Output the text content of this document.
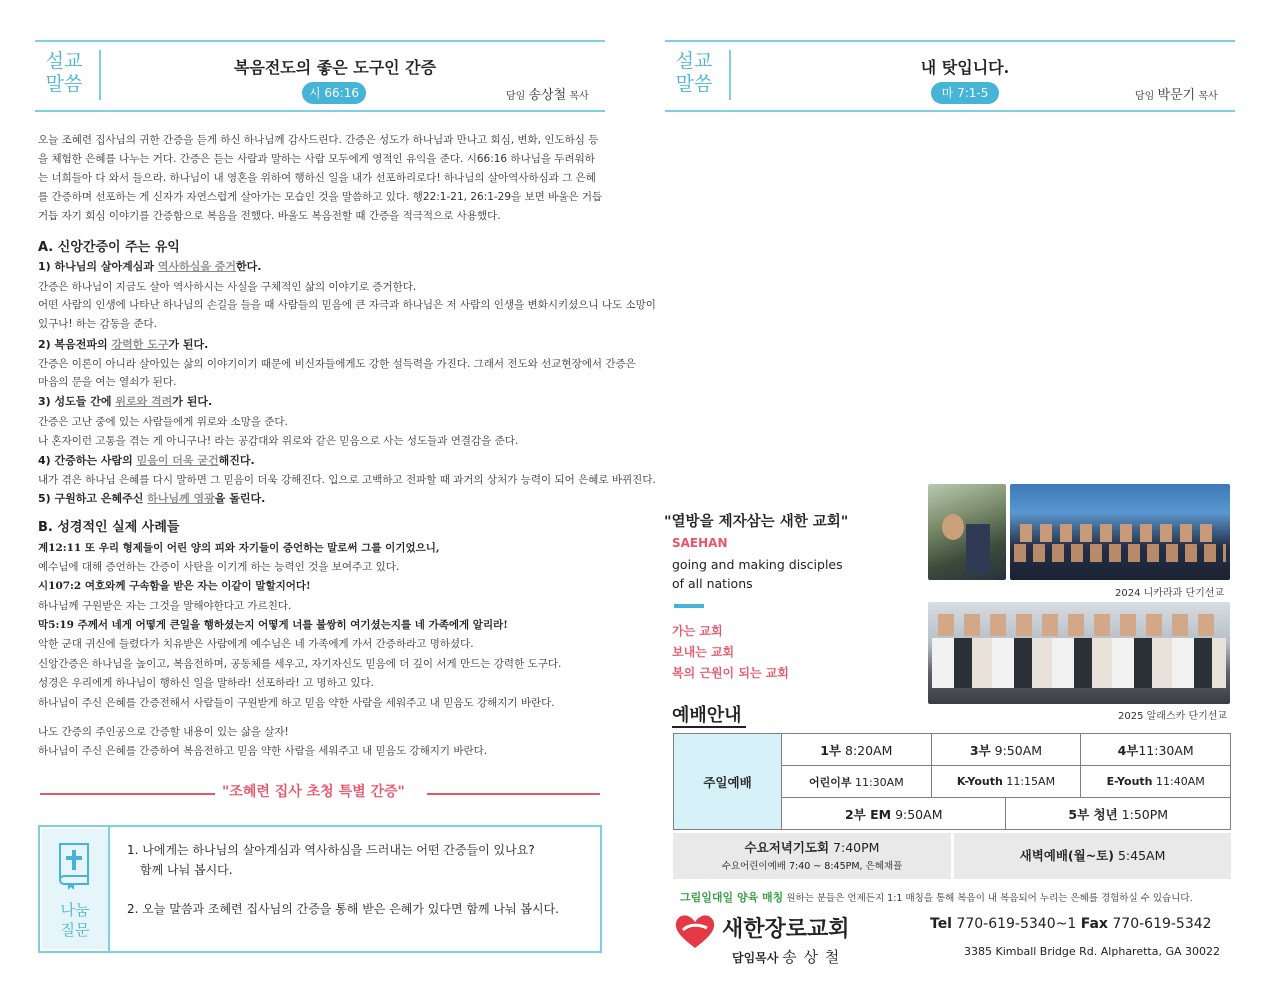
설교
말씀
복음전도의 좋은 도구인 간증
시 66:16	담임 송상철 목사
오늘 조혜련 집사님의 귀한 간증을 듣게 하신 하나님께 감사드린다. 간증은 성도가 하나님과 만나고 회심, 변화, 인도하심 등을 체험한 은혜를 나누는 거다. 간증은 듣는 사람과 말하는 사람 모두에게 영적인 유익을 준다. 시66:16 하나님을 두려워하는 너희들아 다 와서 들으라. 하나님이 내 영혼을 위하여 행하신 일을 내가 선포하리로다! 하나님의 살아역사하심과 그 은혜를 간증하며 선포하는 게 신자가 자연스럽게 살아가는 모습인 것을 말씀하고 있다. 행22:1-21, 26:1-29을 보면 바울은 거듭거듭 자기 회심 이야기를 간증함으로 복음을 전했다. 바울도 복음전할 때 간증을 적극적으로 사용했다.
A. 신앙간증이 주는 유익
1) 하나님의 살아계심과 역사하심을 증거한다.
간증은 하나님이 지금도 살아 역사하시는 사실을 구체적인 삶의 이야기로 증거한다.
어떤 사람의 인생에 나타난 하나님의 손길을 들을 때 사람들의 믿음에 큰 자극과 하나님은 저 사람의 인생을 변화시키셨으니 나도 소망이
있구나! 하는 감동을 준다.
2) 복음전파의 강력한 도구가 된다.
간증은 이론이 아니라 살아있는 삶의 이야기이기 때문에 비신자들에게도 강한 설득력을 가진다. 그래서 전도와 선교현장에서 간증은
마음의 문을 여는 열쇠가 된다.
3) 성도들 간에 위로와 격려가 된다.
간증은 고난 중에 있는 사람들에게 위로와 소망을 준다.
나 혼자이런 고통을 겪는 게 아니구나! 라는 공감대와 위로와 같은 믿음으로 사는 성도들과 연결감을 준다.
4) 간증하는 사람의 믿음이 더욱 굳건해진다.
내가 겪은 하나님 은혜를 다시 말하면 그 믿음이 더욱 강해진다. 입으로 고백하고 전파할 때 과거의 상처가 능력이 되어 은혜로 바뀌진다.
5) 구원하고 은혜주신 하나님께 영광을 돌린다.
B. 성경적인 실제 사례들
계12:11 또 우리 형제들이 어린 양의 피와 자기들이 증언하는 말로써 그를 이기었으니,
예수님에 대해 증언하는 간증이 사탄을 이기게 하는 능력인 것을 보여주고 있다.
시107:2 여호와께 구속함을 받은 자는 이같이 말할지어다!
하나님께 구원받은 자는 그것을 말해야한다고 가르친다.
막5:19 주께서 네게 어떻게 큰일을 행하셨는지 어떻게 너를 불쌍히 여기셨는지를 네 가족에게 알리라!
악한 군대 귀신에 들렸다가 치유받은 사람에게 예수님은 네 가족에게 가서 간증하라고 명하셨다.
신앙간증은 하나님을 높이고, 복음전하며, 공동체를 세우고, 자기자신도 믿음에 더 깊이 서게 만드는 강력한 도구다.
성경은 우리에게 하나님이 행하신 일을 말하라! 선포하라! 고 명하고 있다.
하나님이 주신 은혜를 간증전해서 사람들이 구원받게 하고 믿음 약한 사람을 세워주고 내 믿음도 강해지기 바란다.
나도 간증의 주인공으로 간증할 내용이 있는 삶을 살자!
하나님이 주신 은혜를 간증하여 복음전하고 믿음 약한 사람을 세워주고 내 믿음도 강해지기 바란다.
"조혜련 집사 초청 특별 간증"
나눔
질문
1. 나에게는 하나님의 살아계심과 역사하심을 드러내는 어떤 간증들이 있나요?
함께 나눠 봅시다.
2. 오늘 말씀과 조혜련 집사님의 간증을 통해 받은 은혜가 있다면 함께 나눠 봅시다.
설교
말씀
내 탓입니다.
마 7:1-5	담임 박문기 목사
"열방을 제자삼는 새한 교회"
SAEHAN
going and making disciples
of all nations
가는 교회
보내는 교회
복의 근원이 되는 교회
2024 니카라과 단기선교
2025 알래스카 단기선교
예배안내
주일예배	1부 8:20AM	3부 9:50AM		4부11:30AM
	어린이부 11:30AM	K-Youth 11:15AM		E-Youth 11:40AM
	2부 EM 9:50AM		5부 청년 1:50PM	
수요저녁기도회 7:40PM
수요어린이예배 7:40 ~ 8:45PM, 은혜채플
새벽예배(월~토) 5:45AM
그림일대일 양육 매칭 원하는 분들은 언제든지 1:1 매칭을 통해 복음이 내 복음되어 누리는 은혜를 경험하실 수 있습니다.
새한장로교회
담임목사 송 상 철
Tel 770-619-5340~1 Fax 770-619-5342
3385 Kimball Bridge Rd. Alpharetta, GA 30022
